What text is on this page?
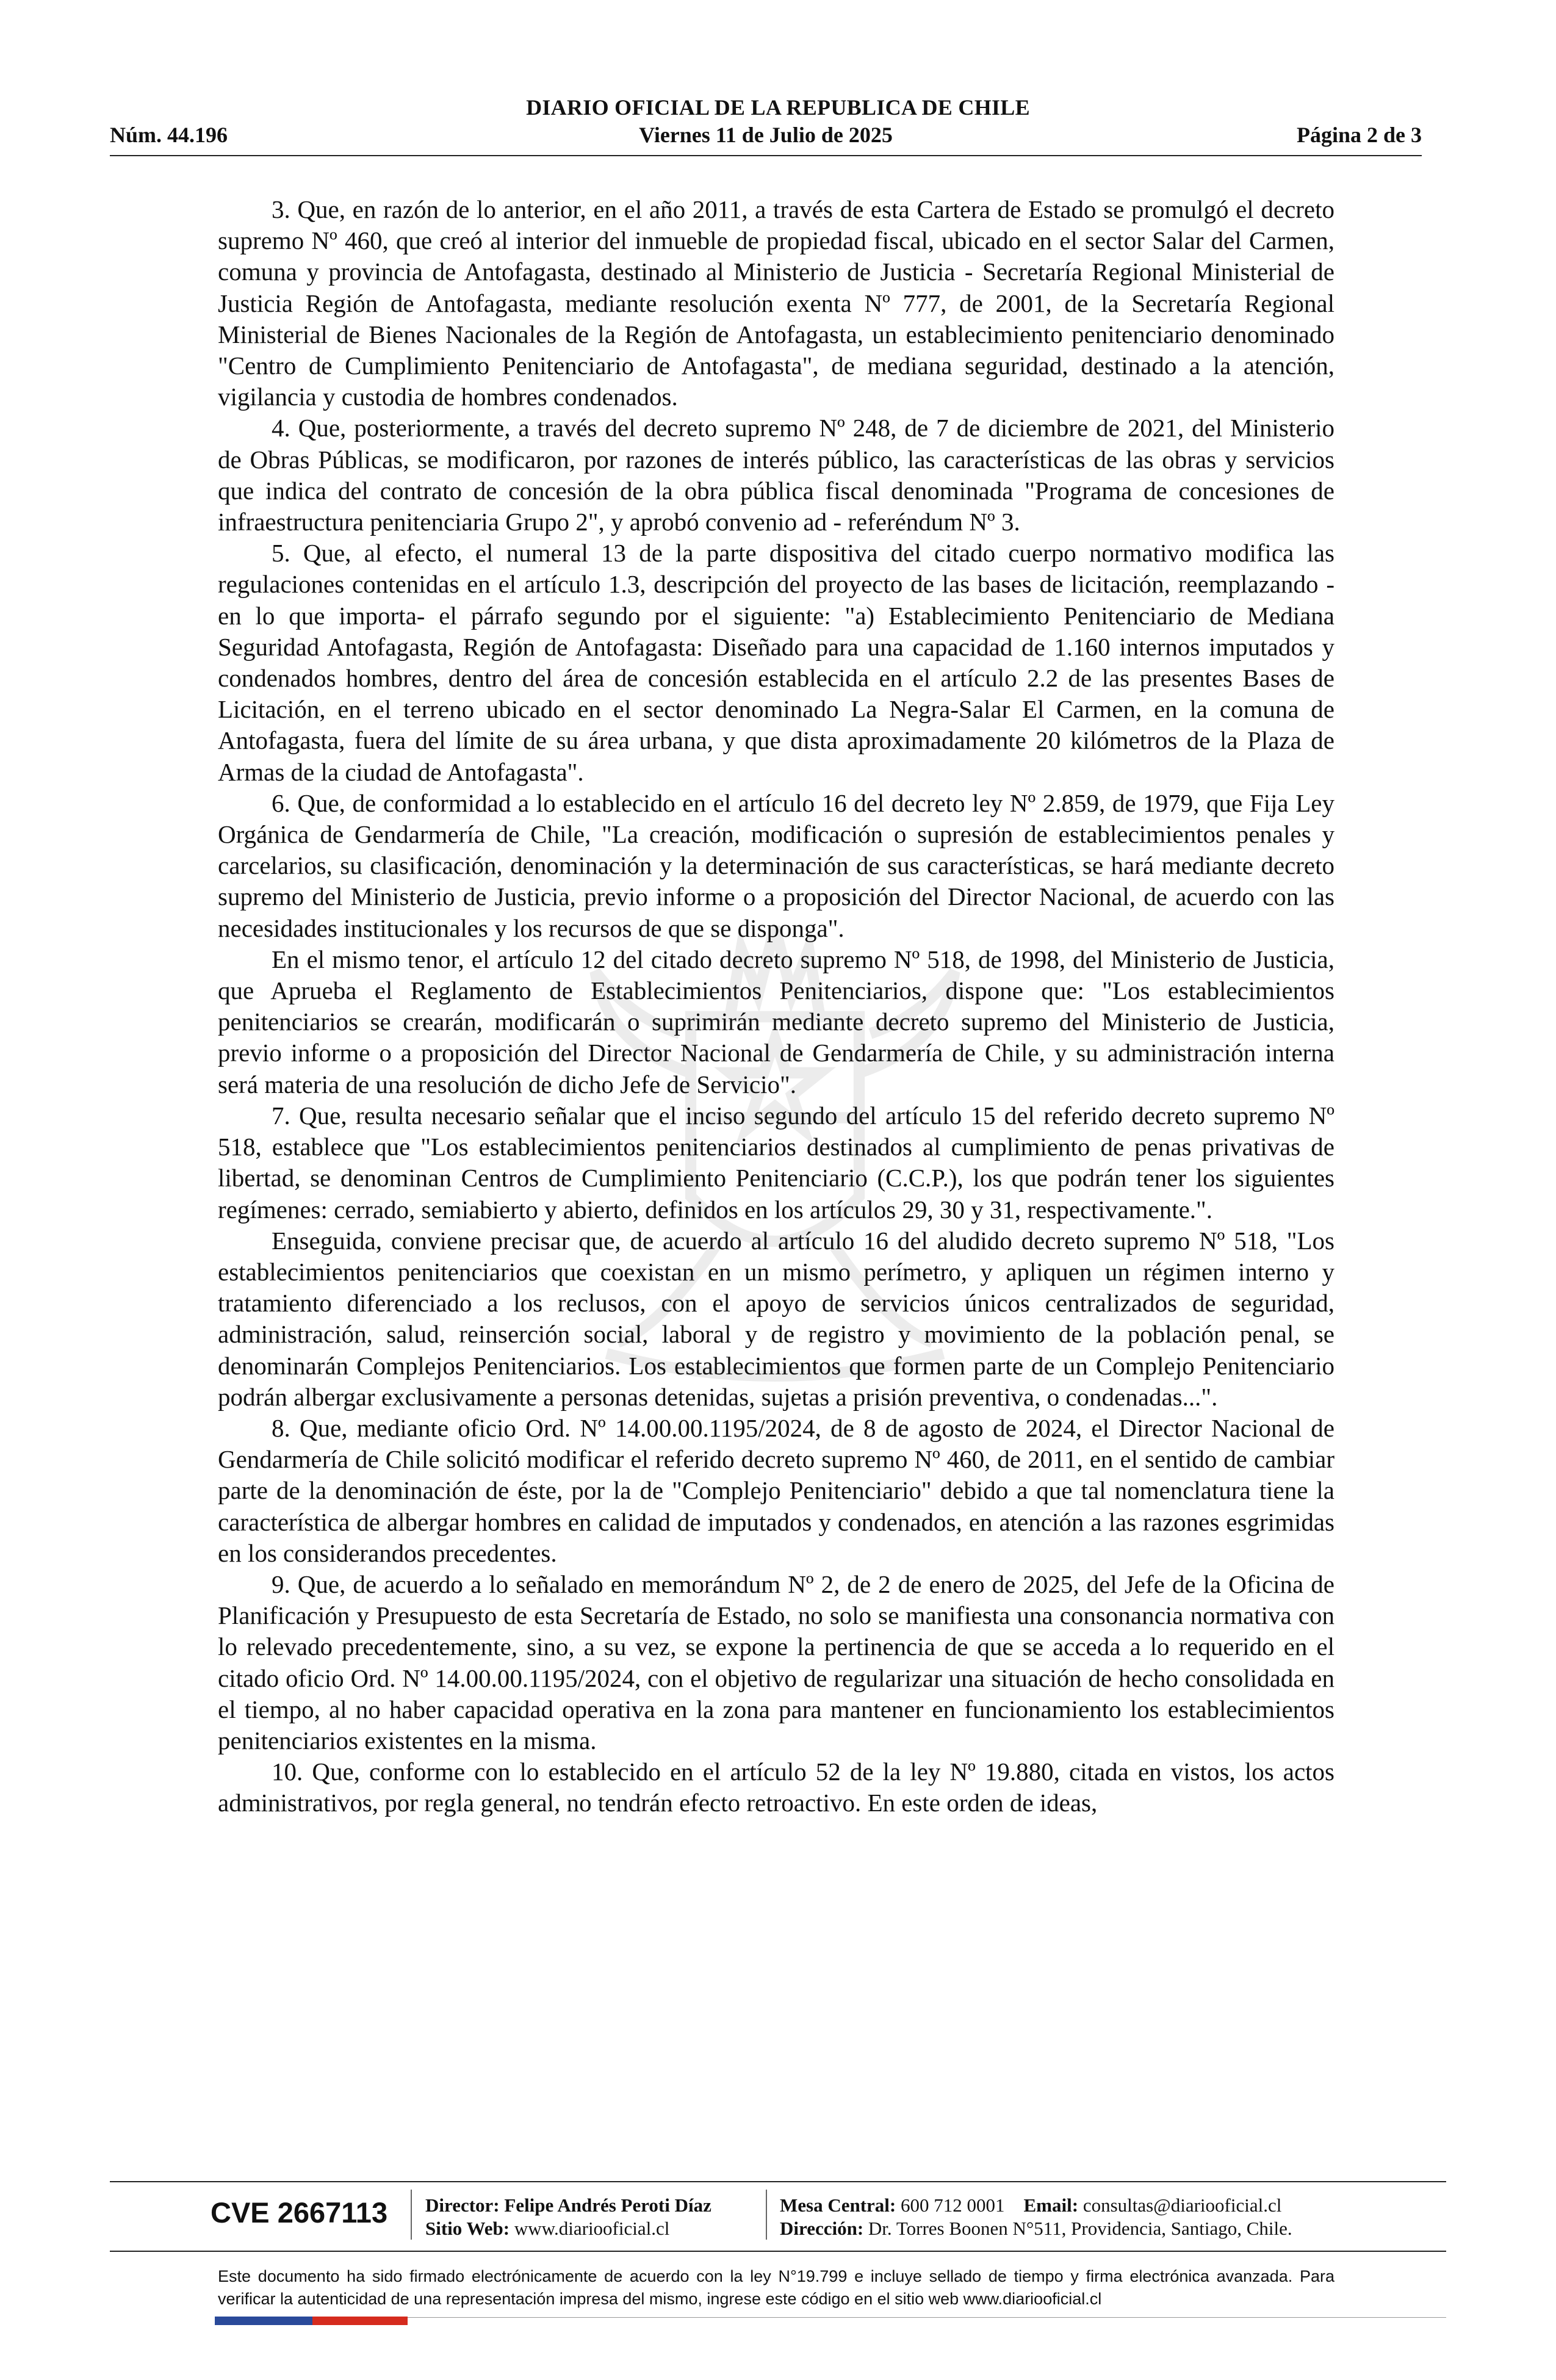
DIARIO OFICIAL DE LA REPUBLICA DE CHILE
Núm. 44.196	Viernes 11 de Julio de 2025	Página 2 de 3

3. Que, en razón de lo anterior, en el año 2011, a través de esta Cartera de Estado se promulgó el decreto supremo Nº 460, que creó al interior del inmueble de propiedad fiscal, ubicado en el sector Salar del Carmen, comuna y provincia de Antofagasta, destinado al Ministerio de Justicia - Secretaría Regional Ministerial de Justicia Región de Antofagasta, mediante resolución exenta Nº 777, de 2001, de la Secretaría Regional Ministerial de Bienes Nacionales de la Región de Antofagasta, un establecimiento penitenciario denominado "Centro de Cumplimiento Penitenciario de Antofagasta", de mediana seguridad, destinado a la atención, vigilancia y custodia de hombres condenados.

4. Que, posteriormente, a través del decreto supremo Nº 248, de 7 de diciembre de 2021, del Ministerio de Obras Públicas, se modificaron, por razones de interés público, las características de las obras y servicios que indica del contrato de concesión de la obra pública fiscal denominada "Programa de concesiones de infraestructura penitenciaria Grupo 2", y aprobó convenio ad - referéndum Nº 3.

5. Que, al efecto, el numeral 13 de la parte dispositiva del citado cuerpo normativo modifica las regulaciones contenidas en el artículo 1.3, descripción del proyecto de las bases de licitación, reemplazando -en lo que importa- el párrafo segundo por el siguiente: "a) Establecimiento Penitenciario de Mediana Seguridad Antofagasta, Región de Antofagasta: Diseñado para una capacidad de 1.160 internos imputados y condenados hombres, dentro del área de concesión establecida en el artículo 2.2 de las presentes Bases de Licitación, en el terreno ubicado en el sector denominado La Negra-Salar El Carmen, en la comuna de Antofagasta, fuera del límite de su área urbana, y que dista aproximadamente 20 kilómetros de la Plaza de Armas de la ciudad de Antofagasta".

6. Que, de conformidad a lo establecido en el artículo 16 del decreto ley Nº 2.859, de 1979, que Fija Ley Orgánica de Gendarmería de Chile, "La creación, modificación o supresión de establecimientos penales y carcelarios, su clasificación, denominación y la determinación de sus características, se hará mediante decreto supremo del Ministerio de Justicia, previo informe o a proposición del Director Nacional, de acuerdo con las necesidades institucionales y los recursos de que se disponga".

En el mismo tenor, el artículo 12 del citado decreto supremo Nº 518, de 1998, del Ministerio de Justicia, que Aprueba el Reglamento de Establecimientos Penitenciarios, dispone que: "Los establecimientos penitenciarios se crearán, modificarán o suprimirán mediante decreto supremo del Ministerio de Justicia, previo informe o a proposición del Director Nacional de Gendarmería de Chile, y su administración interna será materia de una resolución de dicho Jefe de Servicio".

7. Que, resulta necesario señalar que el inciso segundo del artículo 15 del referido decreto supremo Nº 518, establece que "Los establecimientos penitenciarios destinados al cumplimiento de penas privativas de libertad, se denominan Centros de Cumplimiento Penitenciario (C.C.P.), los que podrán tener los siguientes regímenes: cerrado, semiabierto y abierto, definidos en los artículos 29, 30 y 31, respectivamente.".

Enseguida, conviene precisar que, de acuerdo al artículo 16 del aludido decreto supremo Nº 518, "Los establecimientos penitenciarios que coexistan en un mismo perímetro, y apliquen un régimen interno y tratamiento diferenciado a los reclusos, con el apoyo de servicios únicos centralizados de seguridad, administración, salud, reinserción social, laboral y de registro y movimiento de la población penal, se denominarán Complejos Penitenciarios. Los establecimientos que formen parte de un Complejo Penitenciario podrán albergar exclusivamente a personas detenidas, sujetas a prisión preventiva, o condenadas...".

8. Que, mediante oficio Ord. Nº 14.00.00.1195/2024, de 8 de agosto de 2024, el Director Nacional de Gendarmería de Chile solicitó modificar el referido decreto supremo Nº 460, de 2011, en el sentido de cambiar parte de la denominación de éste, por la de "Complejo Penitenciario" debido a que tal nomenclatura tiene la característica de albergar hombres en calidad de imputados y condenados, en atención a las razones esgrimidas en los considerandos precedentes.

9. Que, de acuerdo a lo señalado en memorándum Nº 2, de 2 de enero de 2025, del Jefe de la Oficina de Planificación y Presupuesto de esta Secretaría de Estado, no solo se manifiesta una consonancia normativa con lo relevado precedentemente, sino, a su vez, se expone la pertinencia de que se acceda a lo requerido en el citado oficio Ord. Nº 14.00.00.1195/2024, con el objetivo de regularizar una situación de hecho consolidada en el tiempo, al no haber capacidad operativa en la zona para mantener en funcionamiento los establecimientos penitenciarios existentes en la misma.

10. Que, conforme con lo establecido en el artículo 52 de la ley Nº 19.880, citada en vistos, los actos administrativos, por regla general, no tendrán efecto retroactivo. En este orden de ideas,

CVE 2667113 Director: Felipe Andrés Peroti Díaz
Sitio Web: www.diariooficial.cl
Mesa Central: 600 712 0001 Email: consultas@diariooficial.cl
Dirección: Dr. Torres Boonen N°511, Providencia, Santiago, Chile.
Este documento ha sido firmado electrónicamente de acuerdo con la ley N°19.799 e incluye sellado de tiempo y firma electrónica avanzada. Para verificar la autenticidad de una representación impresa del mismo, ingrese este código en el sitio web www.diariooficial.cl
